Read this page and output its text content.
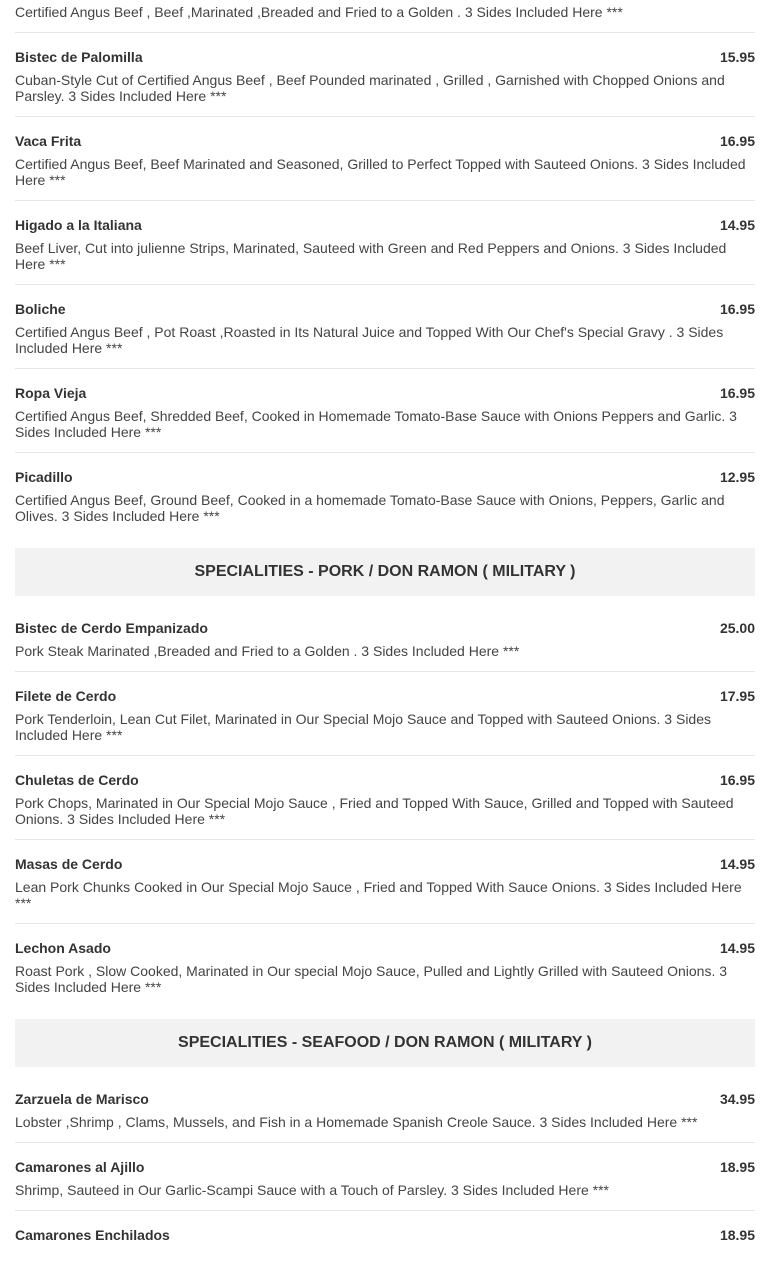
Certified Angus Beef , Beef ,Marinated ,Breaded and Fried to a Golden . 3 Sides Included Here ***
Bistec de Palomilla	15.95
Cuban-Style Cut of Certified Angus Beef , Beef Pounded marinated , Grilled , Garnished with Chopped Onions and Parsley. 3 Sides Included Here ***
Vaca Frita	16.95
Certified Angus Beef, Beef Marinated and Seasoned, Grilled to Perfect Topped with Sauteed Onions. 3 Sides Included Here ***
Higado a la Italiana	14.95
Beef Liver, Cut into julienne Strips, Marinated, Sauteed with Green and Red Peppers and Onions. 3 Sides Included Here ***
Boliche	16.95
Certified Angus Beef , Pot Roast ,Roasted in Its Natural Juice and Topped With Our Chef's Special Gravy . 3 Sides Included Here ***
Ropa Vieja	16.95
Certified Angus Beef, Shredded Beef, Cooked in Homemade Tomato-Base Sauce with Onions Peppers and Garlic. 3 Sides Included Here ***
Picadillo	12.95
Certified Angus Beef, Ground Beef, Cooked in a homemade Tomato-Base Sauce with Onions, Peppers, Garlic and Olives. 3 Sides Included Here ***
SPECIALITIES - PORK / DON RAMON ( MILITARY )
Bistec de Cerdo Empanizado	25.00
Pork Steak Marinated ,Breaded and Fried to a Golden . 3 Sides Included Here ***
Filete de Cerdo	17.95
Pork Tenderloin, Lean Cut Filet, Marinated in Our Special Mojo Sauce and Topped with Sauteed Onions. 3 Sides Included Here ***
Chuletas de Cerdo	16.95
Pork Chops, Marinated in Our Special Mojo Sauce , Fried and Topped With Sauce, Grilled and Topped with Sauteed Onions. 3 Sides Included Here ***
Masas de Cerdo	14.95
Lean Pork Chunks Cooked in Our Special Mojo Sauce , Fried and Topped With Sauce Onions. 3 Sides Included Here ***
Lechon Asado	14.95
Roast Pork , Slow Cooked, Marinated in Our special Mojo Sauce, Pulled and Lightly Grilled with Sauteed Onions. 3 Sides Included Here ***
SPECIALITIES - SEAFOOD / DON RAMON ( MILITARY )
Zarzuela de Marisco	34.95
Lobster ,Shrimp , Clams, Mussels, and Fish in a Homemade Spanish Creole Sauce. 3 Sides Included Here ***
Camarones al Ajillo	18.95
Shrimp, Sauteed in Our Garlic-Scampi Sauce with a Touch of Parsley. 3 Sides Included Here ***
Camarones Enchilados	18.95
